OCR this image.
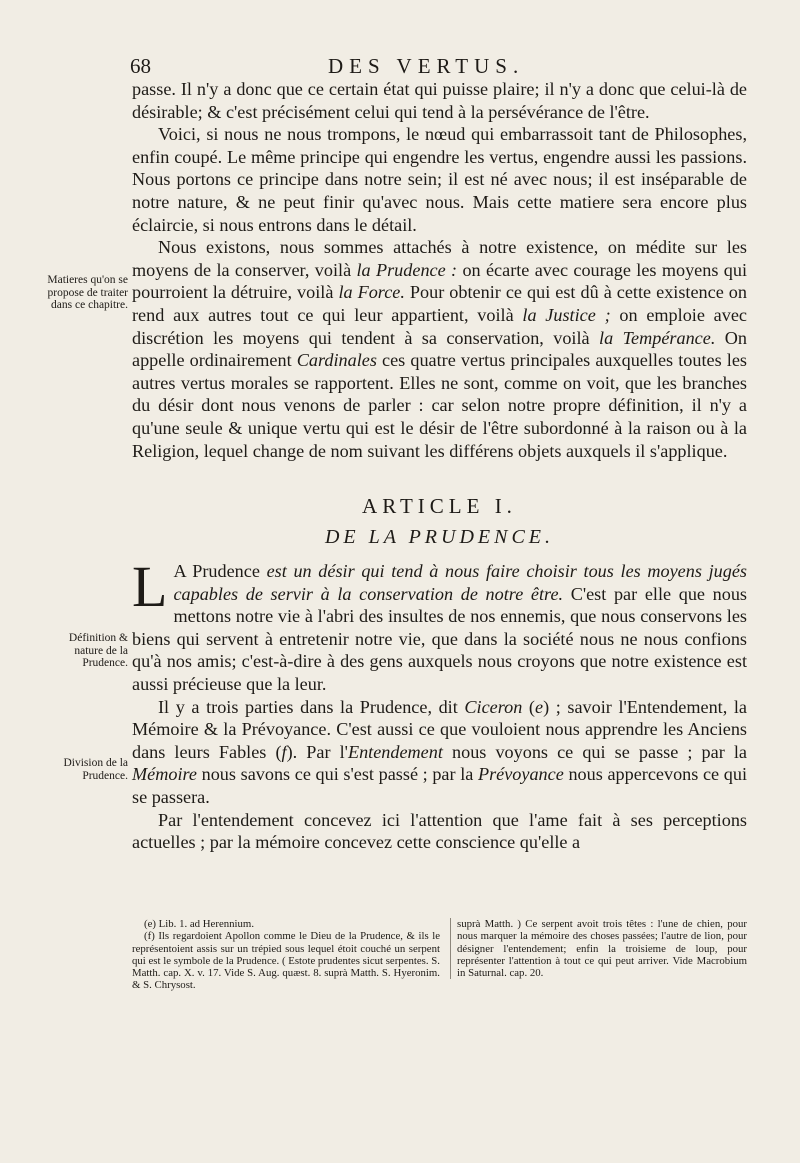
68	DES VERTUS.
Matieres qu'on se propose de traiter dans ce chapitre.
Définition & nature de la Prudence.
Division de la Prudence.

passe. Il n'y a donc que ce certain état qui puisse plaire; il n'y a donc que celui-là de désirable; & c'est précisément celui qui tend à la persévérance de l'être.

Voici, si nous ne nous trompons, le nœud qui embarrassoit tant de Philosophes, enfin coupé. Le même principe qui engendre les vertus, engendre aussi les passions. Nous portons ce principe dans notre sein; il est né avec nous; il est inséparable de notre nature, & ne peut finir qu'avec nous. Mais cette matiere sera encore plus éclaircie, si nous entrons dans le détail.

Nous existons, nous sommes attachés à notre existence, on médite sur les moyens de la conserver, voilà la Prudence : on écarte avec courage les moyens qui pourroient la détruire, voilà la Force. Pour obtenir ce qui est dû à cette existence on rend aux autres tout ce qui leur appartient, voilà la Justice ; on emploie avec discrétion les moyens qui tendent à sa conservation, voilà la Tempérance. On appelle ordinairement Cardinales ces quatre vertus principales auxquelles toutes les autres vertus morales se rapportent. Elles ne sont, comme on voit, que les branches du désir dont nous venons de parler : car selon notre propre définition, il n'y a qu'une seule & unique vertu qui est le désir de l'être subordonné à la raison ou à la Religion, lequel change de nom suivant les différens objets auxquels il s'applique.

ARTICLE I.
DE LA PRUDENCE.

L A Prudence est un désir qui tend à nous faire choisir tous les moyens jugés capables de servir à la conservation de notre être. C'est par elle que nous mettons notre vie à l'abri des insultes de nos ennemis, que nous conservons les biens qui servent à entretenir notre vie, que dans la société nous ne nous confions qu'à nos amis; c'est-à-dire à des gens auxquels nous croyons que notre existence est aussi précieuse que la leur.

Il y a trois parties dans la Prudence, dit Ciceron (e) ; savoir l'Entendement, la Mémoire & la Prévoyance. C'est aussi ce que vouloient nous apprendre les Anciens dans leurs Fables (f). Par l'Entendement nous voyons ce qui se passe ; par la Mémoire nous savons ce qui s'est passé ; par la Prévoyance nous appercevons ce qui se passera.

Par l'entendement concevez ici l'attention que l'ame fait à ses perceptions actuelles ; par la mémoire concevez cette conscience qu'elle a

(e) Lib. 1. ad Herennium.

(f) Ils regardoient Apollon comme le Dieu de la Prudence, & ils le représentoient assis sur un trépied sous lequel étoit couché un serpent qui est le symbole de la Prudence. ( Estote prudentes sicut serpentes. S. Matth. cap. X. v. 17. Vide S. Aug. quæst. 8. suprà Matth. S. Hyeronim. & S. Chrysost.

suprà Matth. ) Ce serpent avoit trois têtes : l'une de chien, pour nous marquer la mémoire des choses passées; l'autre de lion, pour désigner l'entendement; enfin la troisieme de loup, pour représenter l'attention à tout ce qui peut arriver. Vide Macrobium in Saturnal. cap. 20.
